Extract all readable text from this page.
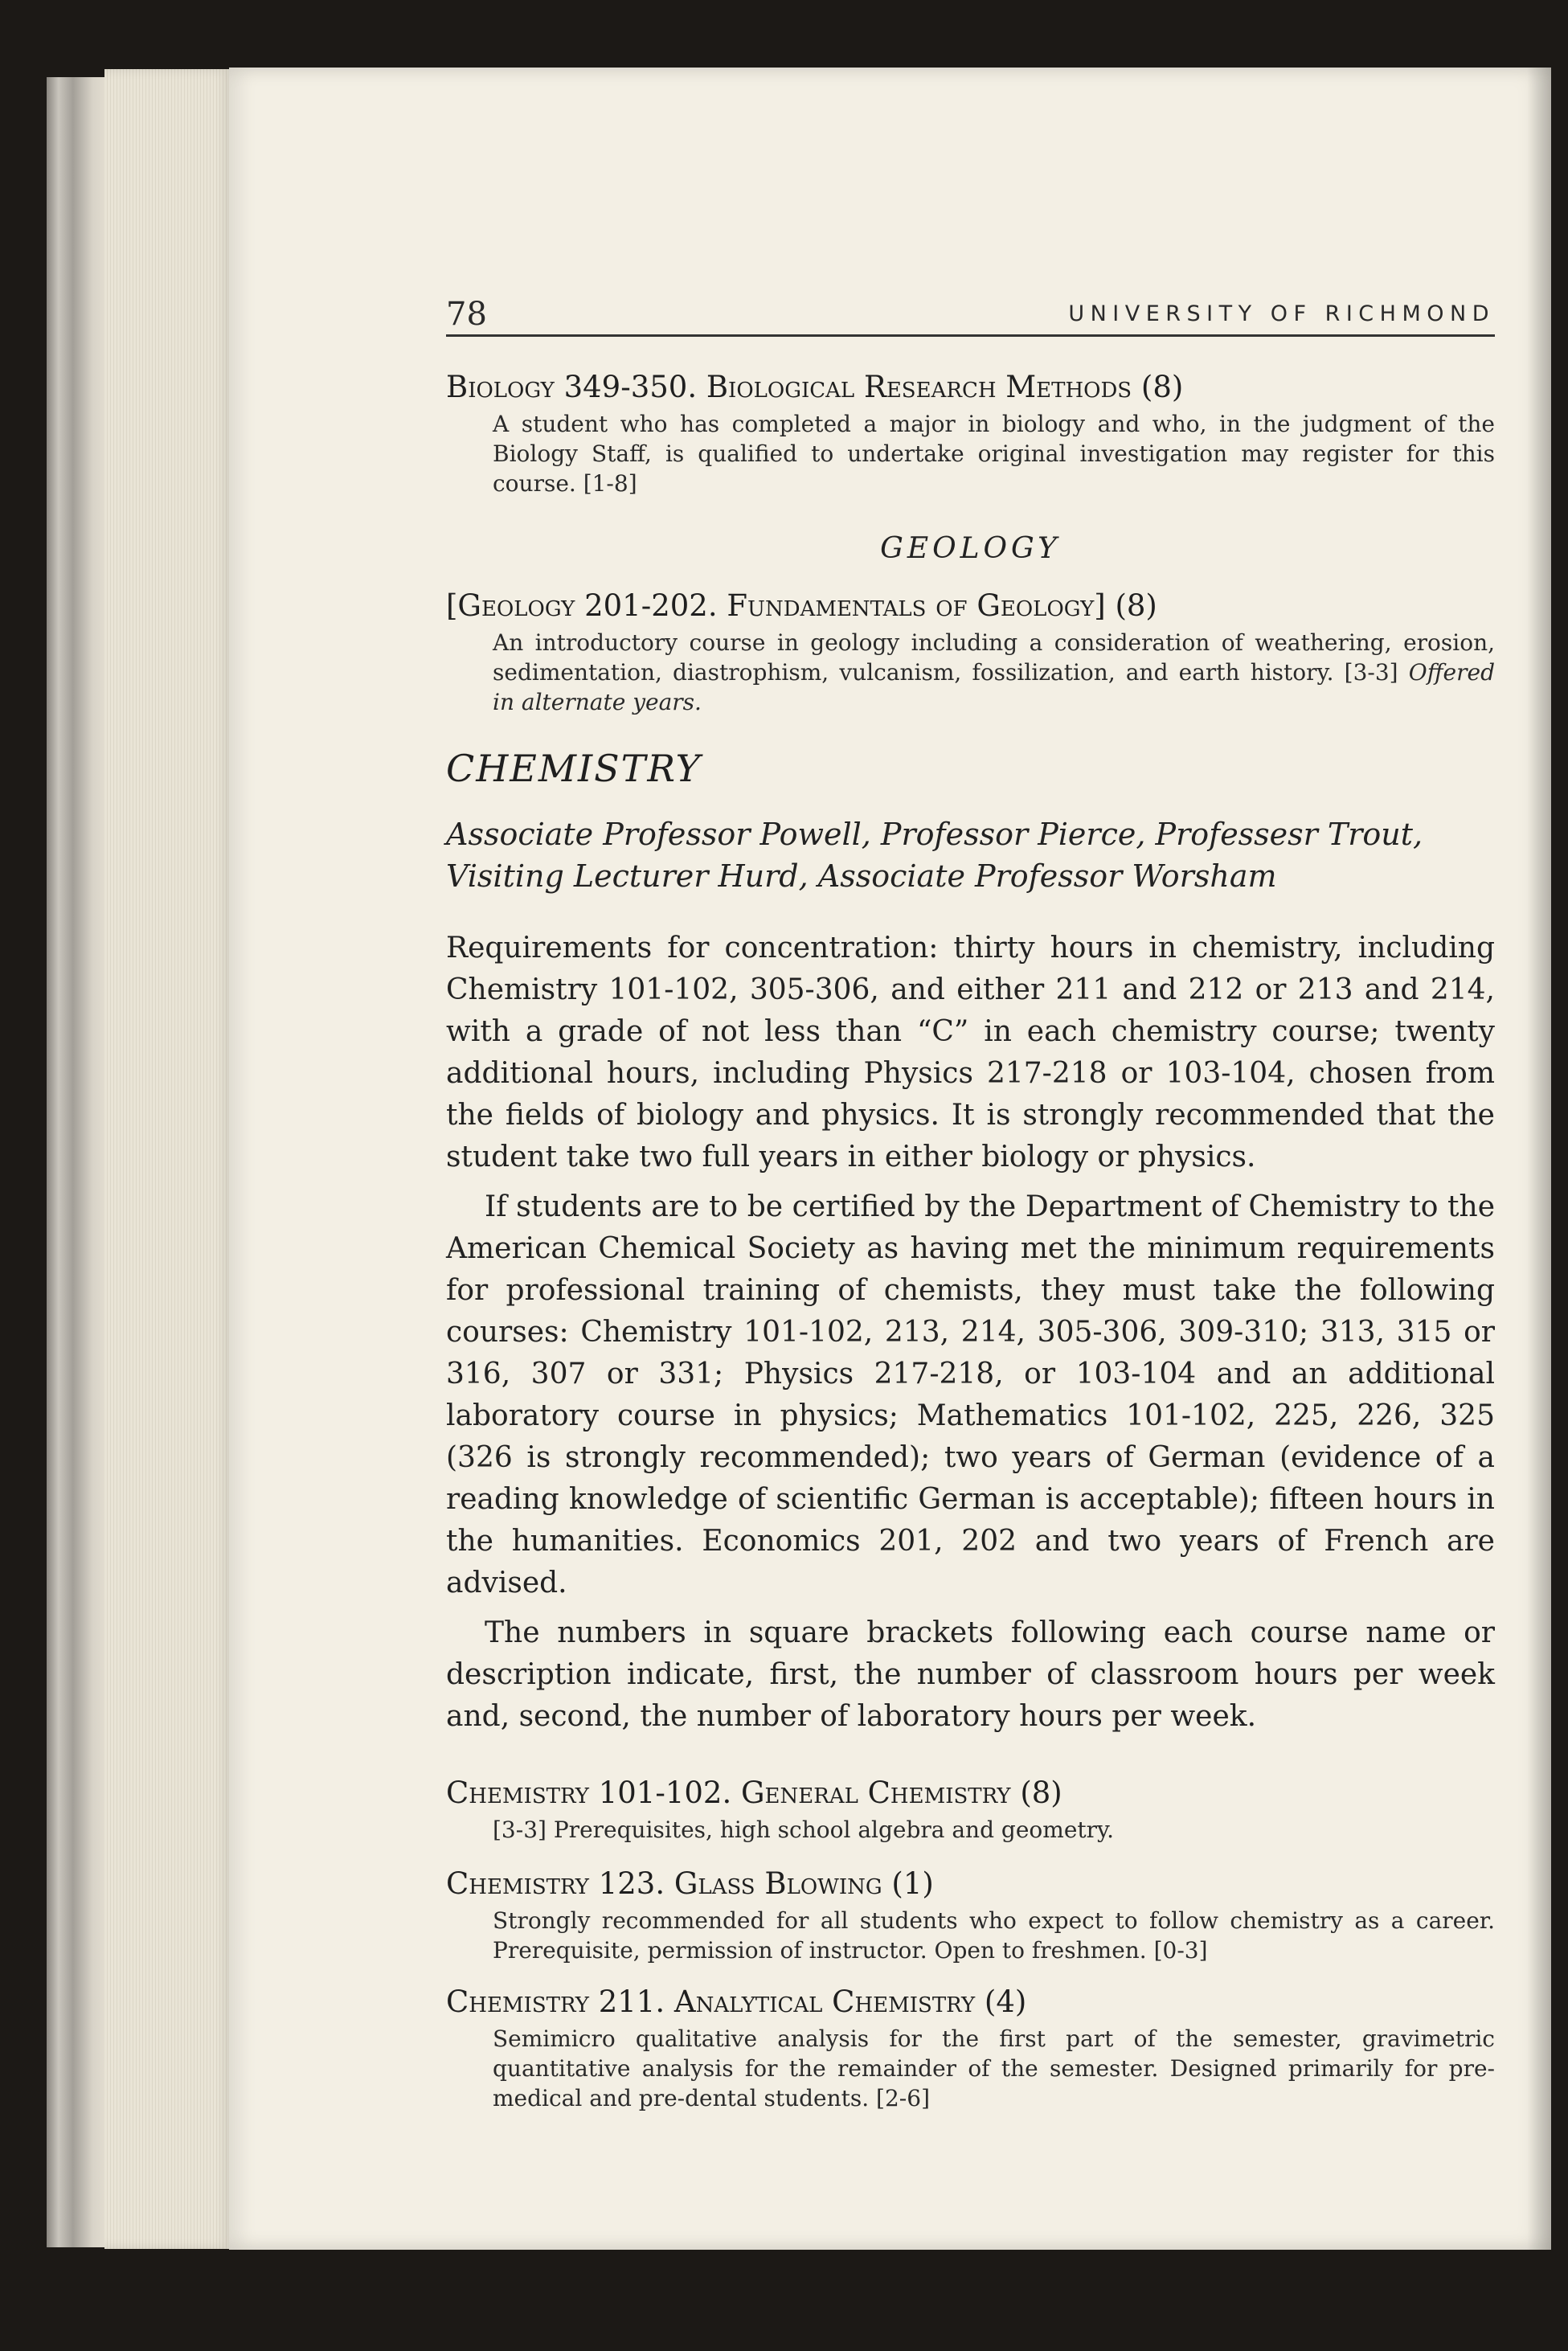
78	UNIVERSITY OF RICHMOND
Biology 349-350. Biological Research Methods (8)
A student who has completed a major in biology and who, in the judgment of the Biology Staff, is qualified to undertake original investigation may register for this course. [1-8]
GEOLOGY
[Geology 201-202. Fundamentals of Geology] (8)
An introductory course in geology including a consideration of weathering, erosion, sedimentation, diastrophism, vulcanism, fossilization, and earth history. [3-3] Offered in alternate years.
CHEMISTRY
Associate Professor Powell, Professor Pierce, Professesr Trout,
Visiting Lecturer Hurd, Associate Professor Worsham

Requirements for concentration: thirty hours in chemistry, including Chemistry 101-102, 305-306, and either 211 and 212 or 213 and 214, with a grade of not less than “C” in each chemistry course; twenty additional hours, including Physics 217-218 or 103-104, chosen from the fields of biology and physics. It is strongly recommended that the student take two full years in either biology or physics.

If students are to be certified by the Department of Chemistry to the American Chemical Society as having met the minimum requirements for professional training of chemists, they must take the following courses: Chemistry 101-102, 213, 214, 305-306, 309-310; 313, 315 or 316, 307 or 331; Physics 217-218, or 103-104 and an additional laboratory course in physics; Mathematics 101-102, 225, 226, 325 (326 is strongly recommended); two years of German (evidence of a reading knowledge of scientific German is acceptable); fifteen hours in the humanities. Economics 201, 202 and two years of French are advised.

The numbers in square brackets following each course name or description indicate, first, the number of classroom hours per week and, second, the number of laboratory hours per week.

Chemistry 101-102. General Chemistry (8)
[3-3] Prerequisites, high school algebra and geometry.
Chemistry 123. Glass Blowing (1)
Strongly recommended for all students who expect to follow chemistry as a career. Prerequisite, permission of instructor. Open to freshmen. [0-3]
Chemistry 211. Analytical Chemistry (4)
Semimicro qualitative analysis for the first part of the semester, gravimetric quantitative analysis for the remainder of the semester. Designed primarily for pre-medical and pre-dental students. [2-6]
